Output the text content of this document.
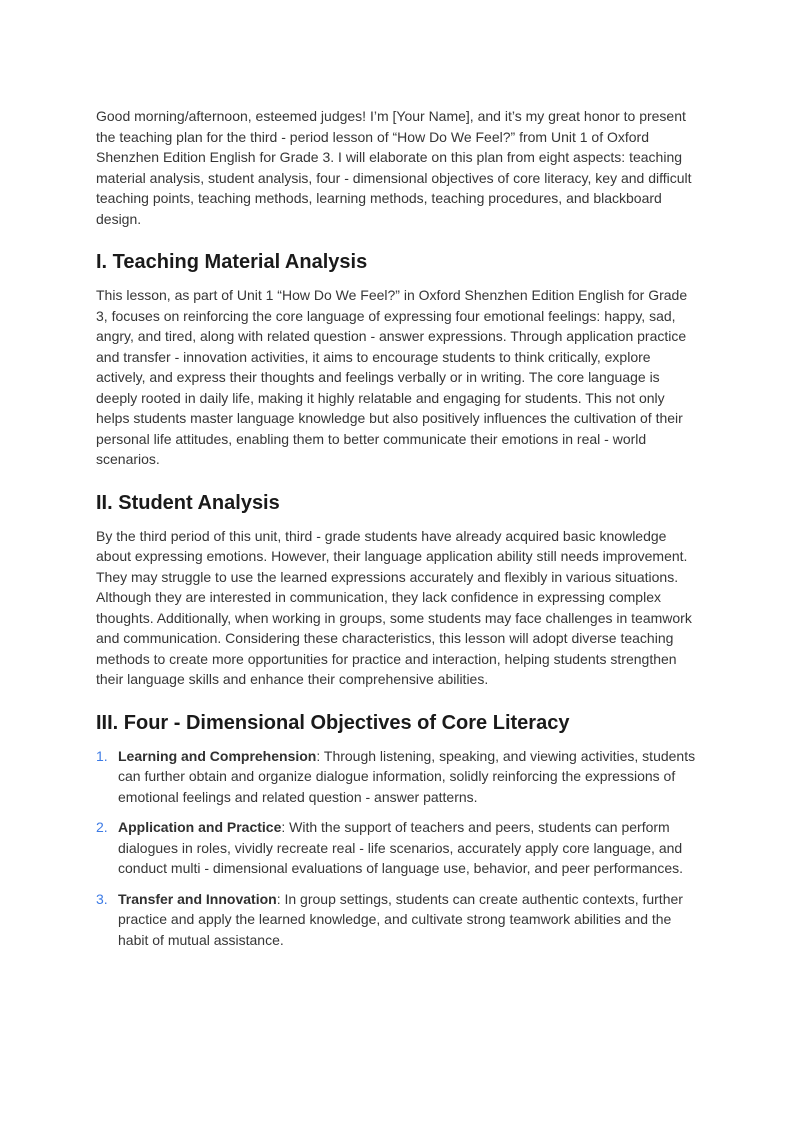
Good morning/afternoon, esteemed judges! I’m [Your Name], and it’s my great honor to present the teaching plan for the third - period lesson of “How Do We Feel?” from Unit 1 of Oxford Shenzhen Edition English for Grade 3. I will elaborate on this plan from eight aspects: teaching material analysis, student analysis, four - dimensional objectives of core literacy, key and difficult teaching points, teaching methods, learning methods, teaching procedures, and blackboard design.

I. Teaching Material Analysis

This lesson, as part of Unit 1 “How Do We Feel?” in Oxford Shenzhen Edition English for Grade 3, focuses on reinforcing the core language of expressing four emotional feelings: happy, sad, angry, and tired, along with related question - answer expressions. Through application practice and transfer - innovation activities, it aims to encourage students to think critically, explore actively, and express their thoughts and feelings verbally or in writing. The core language is deeply rooted in daily life, making it highly relatable and engaging for students. This not only helps students master language knowledge but also positively influences the cultivation of their personal life attitudes, enabling them to better communicate their emotions in real - world scenarios.

II. Student Analysis

By the third period of this unit, third - grade students have already acquired basic knowledge about expressing emotions. However, their language application ability still needs improvement. They may struggle to use the learned expressions accurately and flexibly in various situations. Although they are interested in communication, they lack confidence in expressing complex thoughts. Additionally, when working in groups, some students may face challenges in teamwork and communication. Considering these characteristics, this lesson will adopt diverse teaching methods to create more opportunities for practice and interaction, helping students strengthen their language skills and enhance their comprehensive abilities.

III. Four - Dimensional Objectives of Core Literacy
1. Learning and Comprehension: Through listening, speaking, and viewing activities, students can further obtain and organize dialogue information, solidly reinforcing the expressions of emotional feelings and related question - answer patterns.

2. Application and Practice: With the support of teachers and peers, students can perform dialogues in roles, vividly recreate real - life scenarios, accurately apply core language, and conduct multi - dimensional evaluations of language use, behavior, and peer performances.

3. Transfer and Innovation: In group settings, students can create authentic contexts, further practice and apply the learned knowledge, and cultivate strong teamwork abilities and the habit of mutual assistance.
